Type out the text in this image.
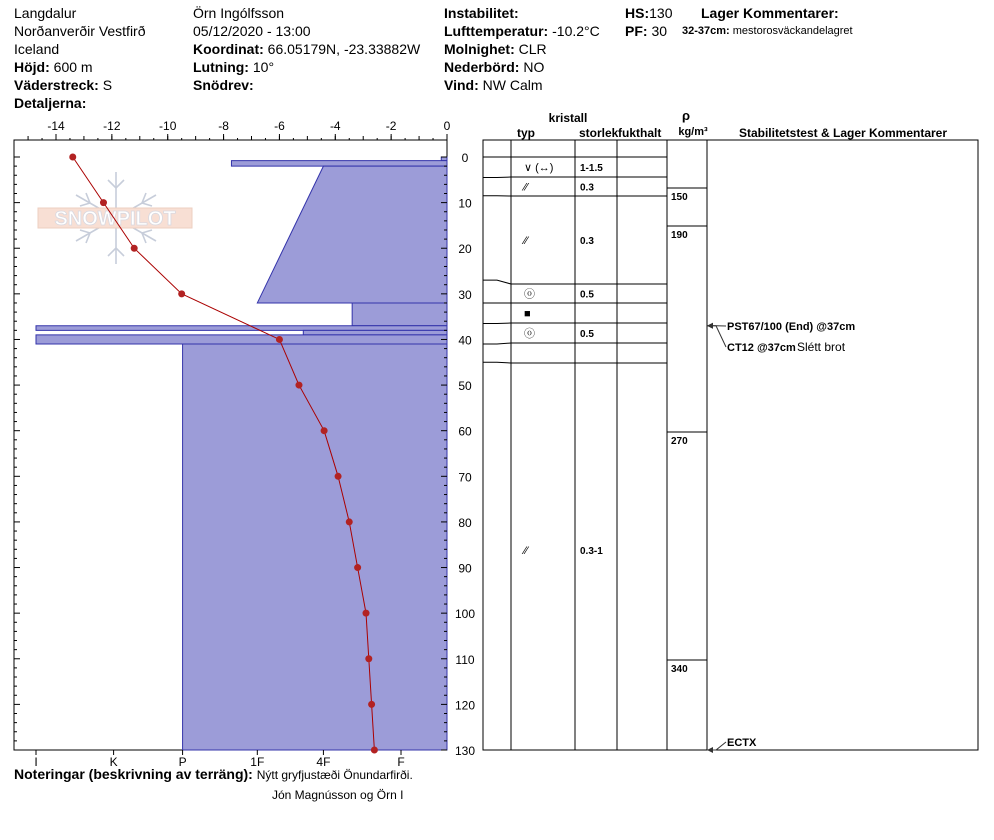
Langdalur
Norðanverðir Vestfirð
Iceland
Höjd: 600 m
Väderstreck: S
Detaljerna:
Örn Ingólfsson
05/12/2020 - 13:00
Koordinat: 66.05179N, -23.33882W
Lutning: 10°
Snödrev:
Instabilitet:
Lufttemperatur: -10.2°C
Molnighet: CLR
Nederbörd: NO
Vind: NW Calm
HS:130
PF: 30
Lager Kommentarer:
32-37cm: mestorosväckandelagret
SNOWPILOT
-14	-12	-10	-8	-6	-4	-2	0
0
10
20
30
40
50
60
70
80
90
100
110
120
130
I	K	P	1F	4F	F
typ
kristall
storlek fukthalt
ρ
kg/m³	Stabilitetstest & Lager Kommentarer
∨ (↔)	1-1.5
⁄⁄	0.3
⁄⁄	0.3
ⓞ	0.5
■
ⓞ	0.5
⁄⁄	0.3-1
150
190
270
340
PST67/100 (End) @37cm
CT12 @37cm Slétt brot
ECTX
Noteringar (beskrivning av terräng): Nýtt gryfjustæði Önundarfirði.
Jón Magnússon og Örn I
